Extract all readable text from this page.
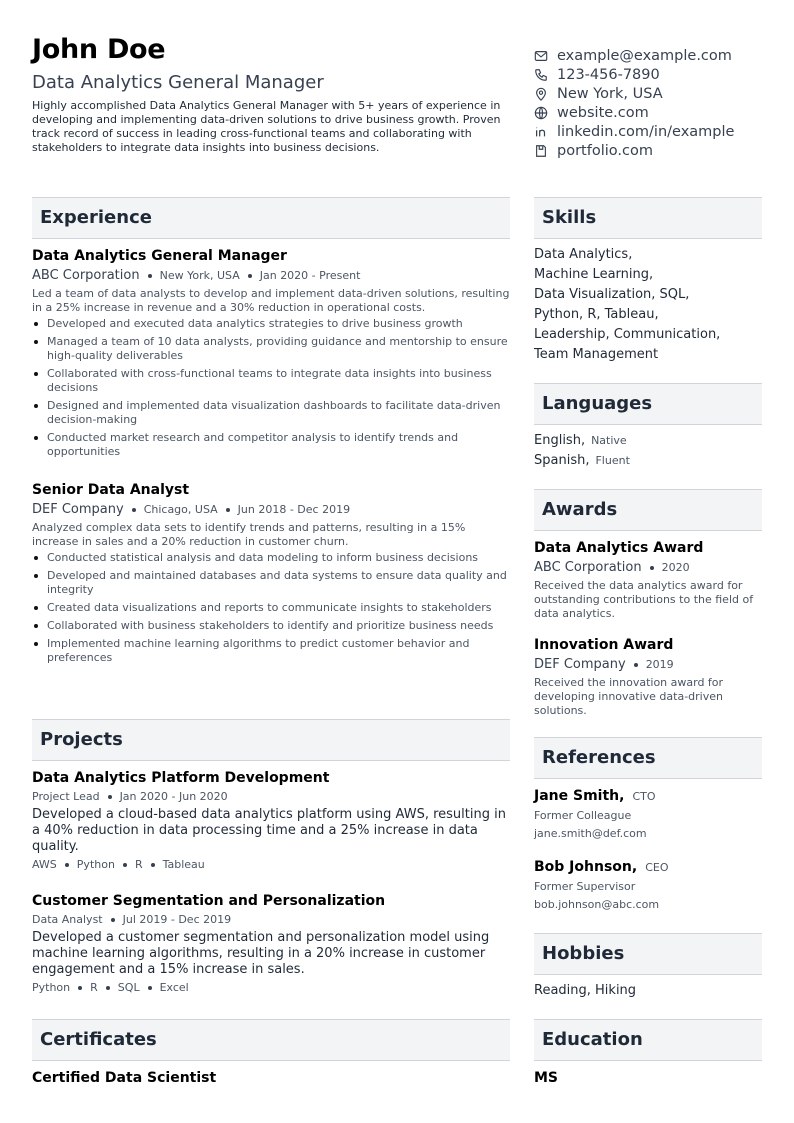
John Doe
Data Analytics General Manager
Highly accomplished Data Analytics General Manager with 5+ years of experience in developing and implementing data-driven solutions to drive business growth. Proven track record of success in leading cross-functional teams and collaborating with stakeholders to integrate data insights into business decisions.
example@example.com
123-456-7890
New York, USA
website.com
linkedin.com/in/example
portfolio.com
Experience
Data Analytics General Manager
ABC Corporation New York, USA Jan 2020 - Present
Led a team of data analysts to develop and implement data-driven solutions, resulting in a 25% increase in revenue and a 30% reduction in operational costs.
Developed and executed data analytics strategies to drive business growth
Managed a team of 10 data analysts, providing guidance and mentorship to ensure high-quality deliverables
Collaborated with cross-functional teams to integrate data insights into business decisions
Designed and implemented data visualization dashboards to facilitate data-driven decision-making
Conducted market research and competitor analysis to identify trends and opportunities
Senior Data Analyst
DEF Company Chicago, USA Jun 2018 - Dec 2019
Analyzed complex data sets to identify trends and patterns, resulting in a 15% increase in sales and a 20% reduction in customer churn.
Conducted statistical analysis and data modeling to inform business decisions
Developed and maintained databases and data systems to ensure data quality and integrity
Created data visualizations and reports to communicate insights to stakeholders
Collaborated with business stakeholders to identify and prioritize business needs
Implemented machine learning algorithms to predict customer behavior and preferences
Projects
Data Analytics Platform Development
Project Lead Jan 2020 - Jun 2020
Developed a cloud-based data analytics platform using AWS, resulting in a 40% reduction in data processing time and a 25% increase in data quality.
AWS Python R Tableau
Customer Segmentation and Personalization
Data Analyst Jul 2019 - Dec 2019
Developed a customer segmentation and personalization model using machine learning algorithms, resulting in a 20% increase in customer engagement and a 15% increase in sales.
Python R SQL Excel
Certificates
Certified Data Scientist
Skills
Data Analytics,
Machine Learning,
Data Visualization, SQL,
Python, R, Tableau,
Leadership, Communication,
Team Management
Languages
English, Native
Spanish, Fluent
Awards
Data Analytics Award
ABC Corporation 2020
Received the data analytics award for outstanding contributions to the field of data analytics.
Innovation Award
DEF Company 2019
Received the innovation award for developing innovative data-driven solutions.
References
Jane Smith, CTO
Former Colleague
jane.smith@def.com
Bob Johnson, CEO
Former Supervisor
bob.johnson@abc.com
Hobbies
Reading, Hiking
Education
MS
